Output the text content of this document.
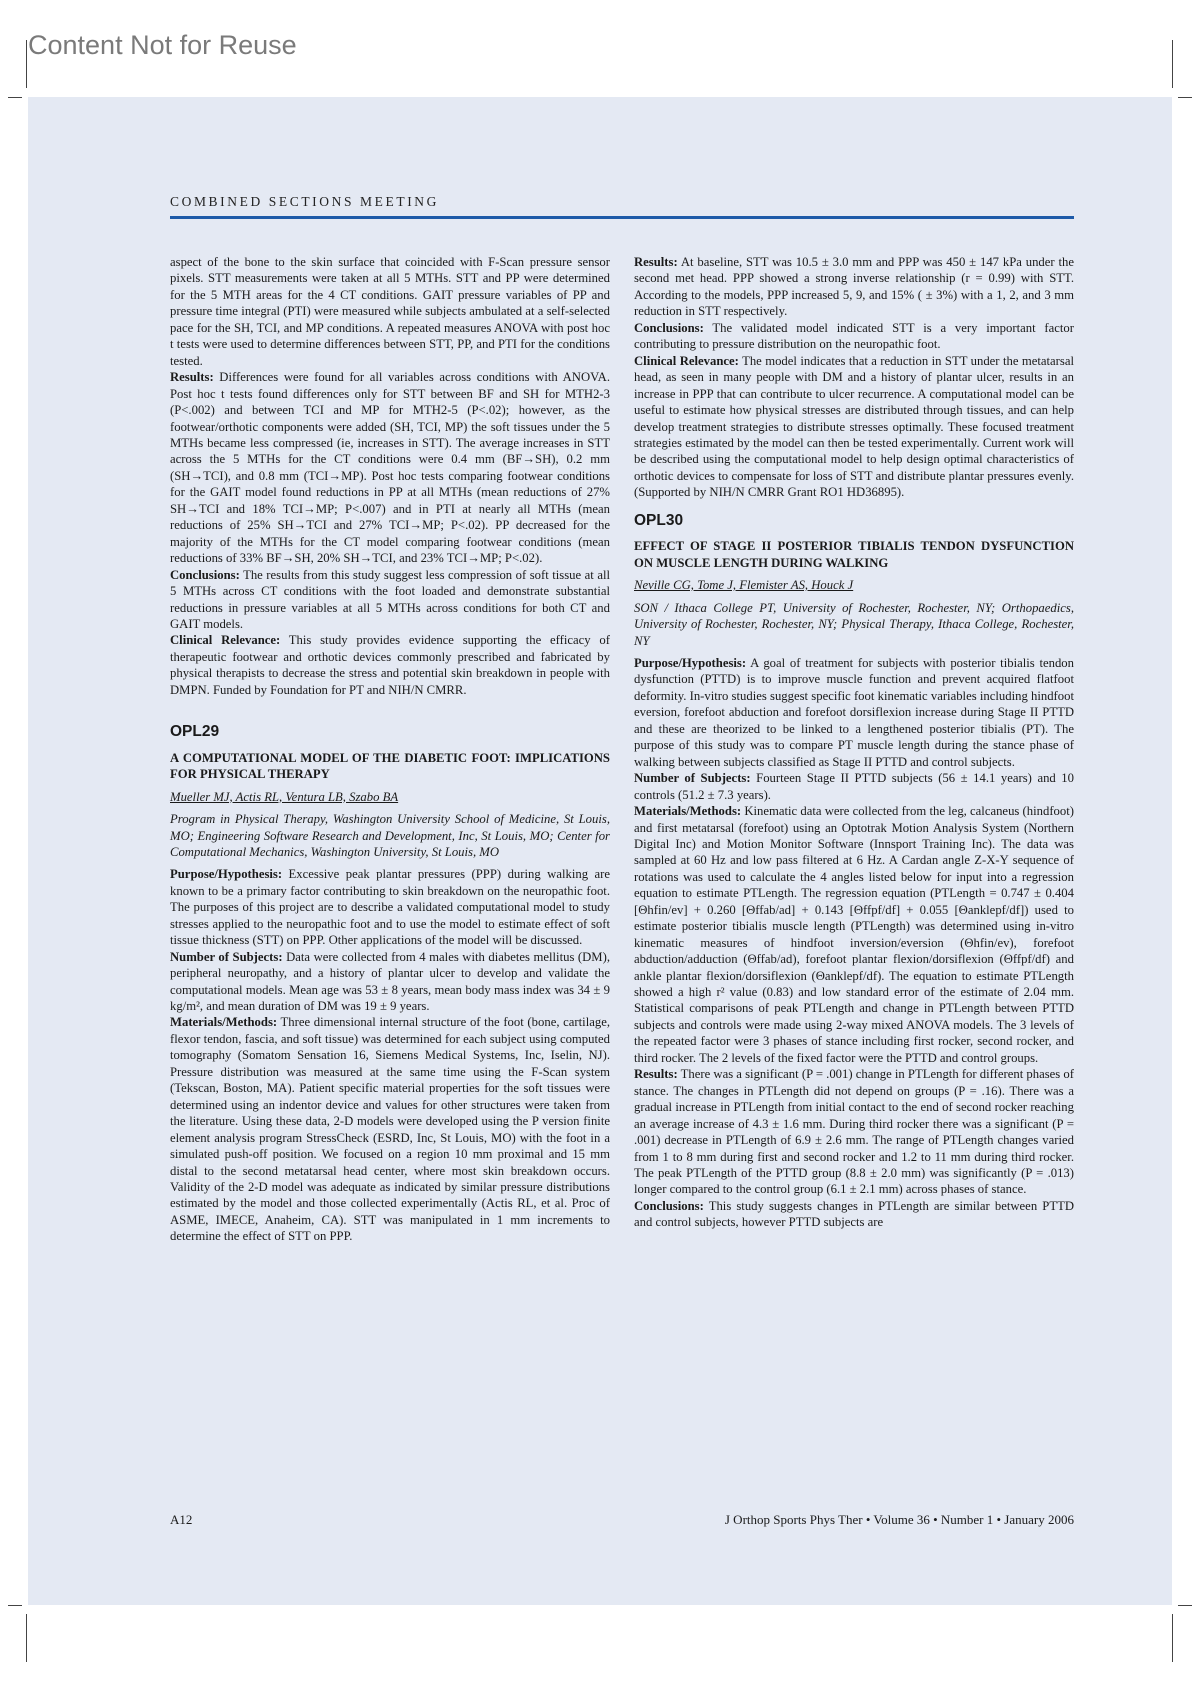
Content Not for Reuse
COMBINED SECTIONS MEETING

aspect of the bone to the skin surface that coincided with F-Scan pressure sensor pixels. STT measurements were taken at all 5 MTHs. STT and PP were determined for the 5 MTH areas for the 4 CT conditions. GAIT pressure variables of PP and pressure time integral (PTI) were measured while subjects ambulated at a self-selected pace for the SH, TCI, and MP conditions. A repeated measures ANOVA with post hoc t tests were used to determine differences between STT, PP, and PTI for the conditions tested.

Results: Differences were found for all variables across conditions with ANOVA. Post hoc t tests found differences only for STT between BF and SH for MTH2-3 (P<.002) and between TCI and MP for MTH2-5 (P<.02); however, as the footwear/orthotic components were added (SH, TCI, MP) the soft tissues under the 5 MTHs became less compressed (ie, increases in STT). The average increases in STT across the 5 MTHs for the CT conditions were 0.4 mm (BF→SH), 0.2 mm (SH→TCI), and 0.8 mm (TCI→MP). Post hoc tests comparing footwear conditions for the GAIT model found reductions in PP at all MTHs (mean reductions of 27% SH→TCI and 18% TCI→MP; P<.007) and in PTI at nearly all MTHs (mean reductions of 25% SH→TCI and 27% TCI→MP; P<.02). PP decreased for the majority of the MTHs for the CT model comparing footwear conditions (mean reductions of 33% BF→SH, 20% SH→TCI, and 23% TCI→MP; P<.02).

Conclusions: The results from this study suggest less compression of soft tissue at all 5 MTHs across CT conditions with the foot loaded and demonstrate substantial reductions in pressure variables at all 5 MTHs across conditions for both CT and GAIT models.

Clinical Relevance: This study provides evidence supporting the efficacy of therapeutic footwear and orthotic devices commonly prescribed and fabricated by physical therapists to decrease the stress and potential skin breakdown in people with DMPN. Funded by Foundation for PT and NIH/N CMRR.

OPL29

A COMPUTATIONAL MODEL OF THE DIABETIC FOOT: IMPLICATIONS FOR PHYSICAL THERAPY

Mueller MJ, Actis RL, Ventura LB, Szabo BA

Program in Physical Therapy, Washington University School of Medicine, St Louis, MO; Engineering Software Research and Development, Inc, St Louis, MO; Center for Computational Mechanics, Washington University, St Louis, MO

Purpose/Hypothesis: Excessive peak plantar pressures (PPP) during walking are known to be a primary factor contributing to skin breakdown on the neuropathic foot. The purposes of this project are to describe a validated computational model to study stresses applied to the neuropathic foot and to use the model to estimate effect of soft tissue thickness (STT) on PPP. Other applications of the model will be discussed.

Number of Subjects: Data were collected from 4 males with diabetes mellitus (DM), peripheral neuropathy, and a history of plantar ulcer to develop and validate the computational models. Mean age was 53 ± 8 years, mean body mass index was 34 ± 9 kg/m², and mean duration of DM was 19 ± 9 years.

Materials/Methods: Three dimensional internal structure of the foot (bone, cartilage, flexor tendon, fascia, and soft tissue) was determined for each subject using computed tomography (Somatom Sensation 16, Siemens Medical Systems, Inc, Iselin, NJ). Pressure distribution was measured at the same time using the F-Scan system (Tekscan, Boston, MA). Patient specific material properties for the soft tissues were determined using an indentor device and values for other structures were taken from the literature. Using these data, 2-D models were developed using the P version finite element analysis program StressCheck (ESRD, Inc, St Louis, MO) with the foot in a simulated push-off position. We focused on a region 10 mm proximal and 15 mm distal to the second metatarsal head center, where most skin breakdown occurs. Validity of the 2-D model was adequate as indicated by similar pressure distributions estimated by the model and those collected experimentally (Actis RL, et al. Proc of ASME, IMECE, Anaheim, CA). STT was manipulated in 1 mm increments to determine the effect of STT on PPP.

Results: At baseline, STT was 10.5 ± 3.0 mm and PPP was 450 ± 147 kPa under the second met head. PPP showed a strong inverse relationship (r = 0.99) with STT. According to the models, PPP increased 5, 9, and 15% ( ± 3%) with a 1, 2, and 3 mm reduction in STT respectively.

Conclusions: The validated model indicated STT is a very important factor contributing to pressure distribution on the neuropathic foot.

Clinical Relevance: The model indicates that a reduction in STT under the metatarsal head, as seen in many people with DM and a history of plantar ulcer, results in an increase in PPP that can contribute to ulcer recurrence. A computational model can be useful to estimate how physical stresses are distributed through tissues, and can help develop treatment strategies to distribute stresses optimally. These focused treatment strategies estimated by the model can then be tested experimentally. Current work will be described using the computational model to help design optimal characteristics of orthotic devices to compensate for loss of STT and distribute plantar pressures evenly. (Supported by NIH/N CMRR Grant RO1 HD36895).

OPL30

EFFECT OF STAGE II POSTERIOR TIBIALIS TENDON DYSFUNCTION ON MUSCLE LENGTH DURING WALKING

Neville CG, Tome J, Flemister AS, Houck J

SON / Ithaca College PT, University of Rochester, Rochester, NY; Orthopaedics, University of Rochester, Rochester, NY; Physical Therapy, Ithaca College, Rochester, NY

Purpose/Hypothesis: A goal of treatment for subjects with posterior tibialis tendon dysfunction (PTTD) is to improve muscle function and prevent acquired flatfoot deformity. In-vitro studies suggest specific foot kinematic variables including hindfoot eversion, forefoot abduction and forefoot dorsiflexion increase during Stage II PTTD and these are theorized to be linked to a lengthened posterior tibialis (PT). The purpose of this study was to compare PT muscle length during the stance phase of walking between subjects classified as Stage II PTTD and control subjects.

Number of Subjects: Fourteen Stage II PTTD subjects (56 ± 14.1 years) and 10 controls (51.2 ± 7.3 years).

Materials/Methods: Kinematic data were collected from the leg, calcaneus (hindfoot) and first metatarsal (forefoot) using an Optotrak Motion Analysis System (Northern Digital Inc) and Motion Monitor Software (Innsport Training Inc). The data was sampled at 60 Hz and low pass filtered at 6 Hz. A Cardan angle Z-X-Y sequence of rotations was used to calculate the 4 angles listed below for input into a regression equation to estimate PTLength. The regression equation (PTLength = 0.747 ± 0.404 [Θhfin/ev] + 0.260 [Θffab/ad] + 0.143 [Θffpf/df] + 0.055 [Θanklepf/df]) used to estimate posterior tibialis muscle length (PTLength) was determined using in-vitro kinematic measures of hindfoot inversion/eversion (Θhfin/ev), forefoot abduction/adduction (Θffab/ad), forefoot plantar flexion/dorsiflexion (Θffpf/df) and ankle plantar flexion/dorsiflexion (Θanklepf/df). The equation to estimate PTLength showed a high r² value (0.83) and low standard error of the estimate of 2.04 mm. Statistical comparisons of peak PTLength and change in PTLength between PTTD subjects and controls were made using 2-way mixed ANOVA models. The 3 levels of the repeated factor were 3 phases of stance including first rocker, second rocker, and third rocker. The 2 levels of the fixed factor were the PTTD and control groups.

Results: There was a significant (P = .001) change in PTLength for different phases of stance. The changes in PTLength did not depend on groups (P = .16). There was a gradual increase in PTLength from initial contact to the end of second rocker reaching an average increase of 4.3 ± 1.6 mm. During third rocker there was a significant (P = .001) decrease in PTLength of 6.9 ± 2.6 mm. The range of PTLength changes varied from 1 to 8 mm during first and second rocker and 1.2 to 11 mm during third rocker. The peak PTLength of the PTTD group (8.8 ± 2.0 mm) was significantly (P = .013) longer compared to the control group (6.1 ± 2.1 mm) across phases of stance.

Conclusions: This study suggests changes in PTLength are similar between PTTD and control subjects, however PTTD subjects are

A12	J Orthop Sports Phys Ther • Volume 36 • Number 1 • January 2006
